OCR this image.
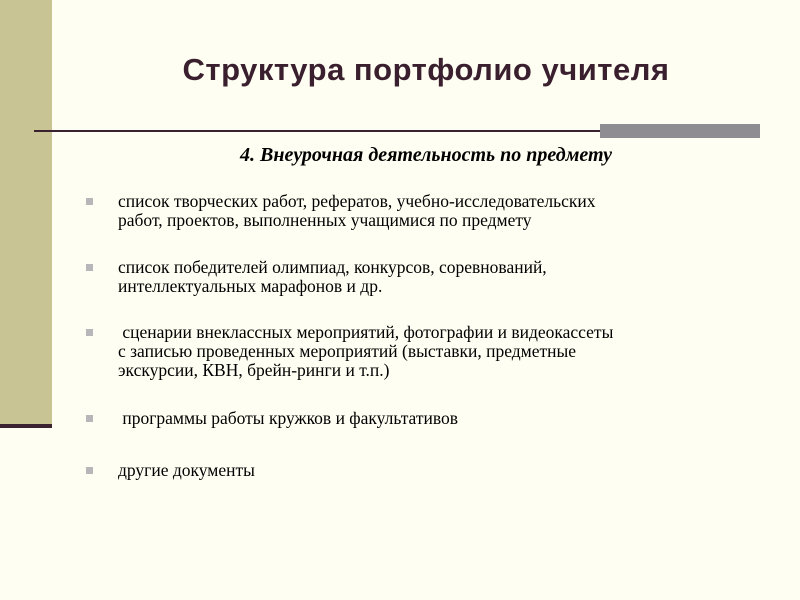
Структура портфолио учителя

4. Внеурочная деятельность по предмету

список творческих работ, рефератов, учебно-исследовательских
работ, проектов, выполненных учащимися по предмету
список победителей олимпиад, конкурсов, соревнований,
интеллектуальных марафонов и др.
сценарии внеклассных мероприятий, фотографии и видеокассеты
с записью проведенных мероприятий (выставки, предметные
экскурсии, КВН, брейн-ринги и т.п.)
программы работы кружков и факультативов
другие документы
